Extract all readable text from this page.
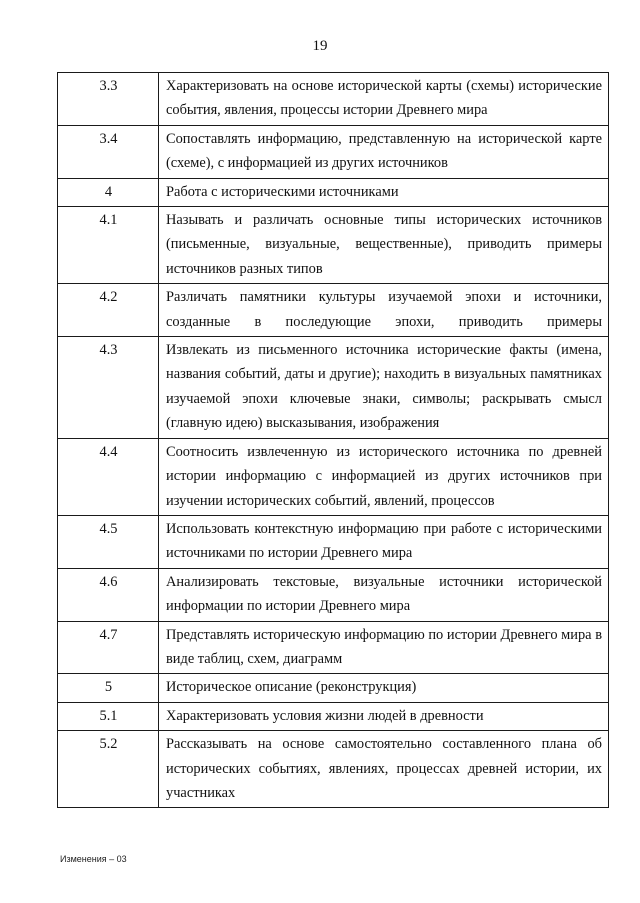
19
3.3	Характеризовать на основе исторической карты (схемы) исторические события, явления, процессы истории Древнего мира
3.4	Сопоставлять информацию, представленную на исторической карте (схеме), с информацией из других источников
4	Работа с историческими источниками
4.1	Называть и различать основные типы исторических источников (письменные, визуальные, вещественные), приводить примеры источников разных типов
4.2	Различать памятники культуры изучаемой эпохи и источники, созданные в последующие эпохи, приводить примеры
4.3	Извлекать из письменного источника исторические факты (имена, названия событий, даты и другие); находить в визуальных памятниках изучаемой эпохи ключевые знаки, символы; раскрывать смысл (главную идею) высказывания, изображения
4.4	Соотносить извлеченную из исторического источника по древней истории информацию с информацией из других источников при изучении исторических событий, явлений, процессов
4.5	Использовать контекстную информацию при работе с историческими источниками по истории Древнего мира
4.6	Анализировать текстовые, визуальные источники исторической информации по истории Древнего мира
4.7	Представлять историческую информацию по истории Древнего мира в виде таблиц, схем, диаграмм
5	Историческое описание (реконструкция)
5.1	Характеризовать условия жизни людей в древности
5.2	Рассказывать на основе самостоятельно составленного плана об исторических событиях, явлениях, процессах древней истории, их участниках
Изменения – 03
